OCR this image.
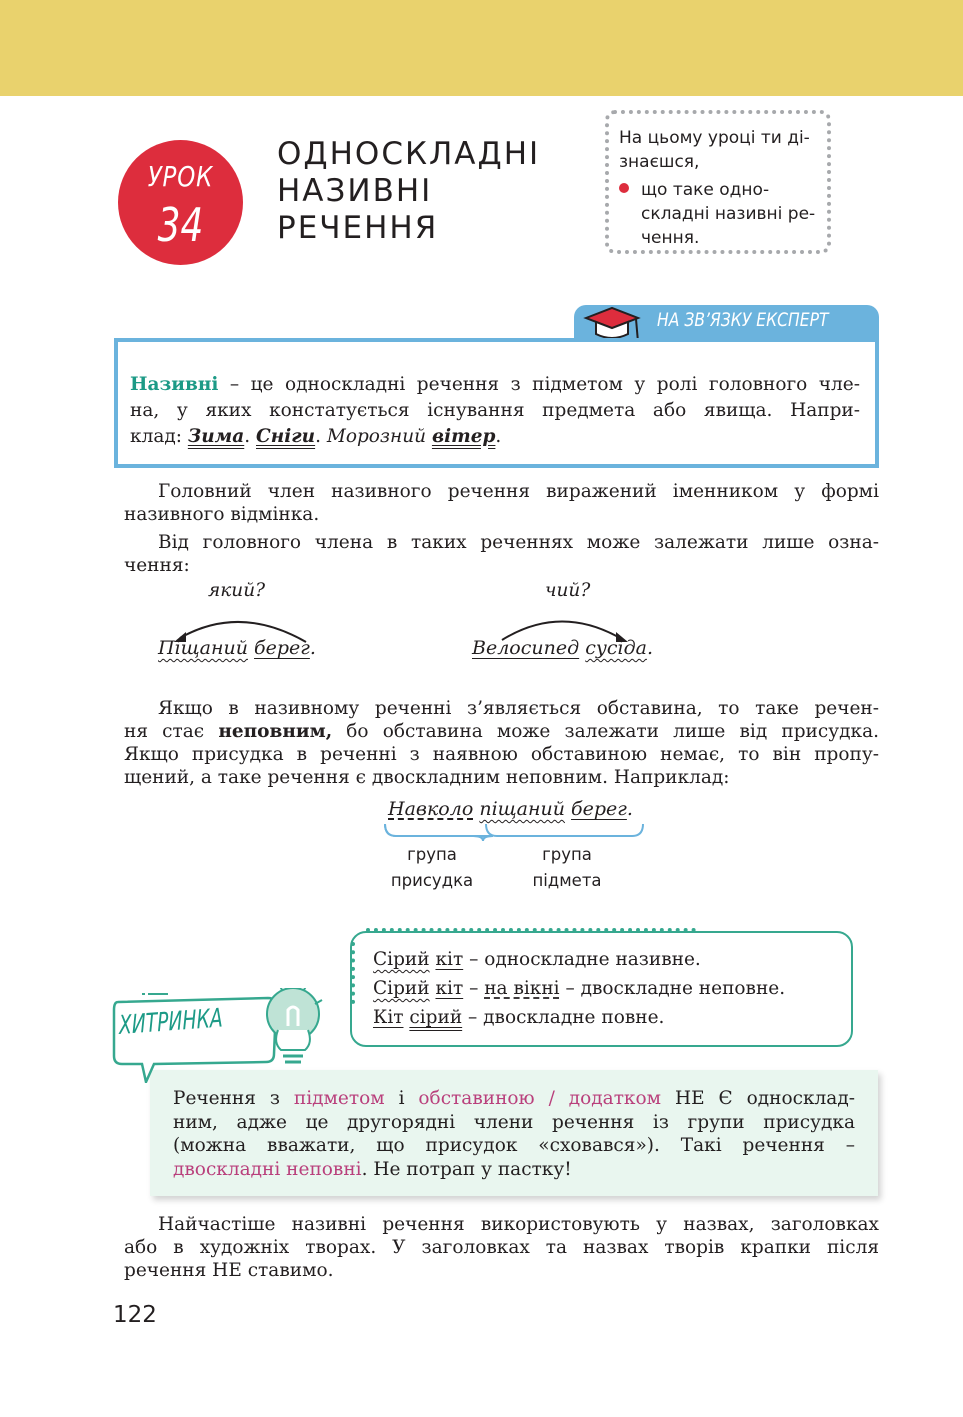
УРОК
34
ОДНОСКЛАДНІ
НАЗИВНІ
РЕЧЕННЯ
На цьому уроці ти ді-
знаєшся,
що таке одно-
складні називні ре-
чення.
НА ЗВ’ЯЗКУ ЕКСПЕРТ
Називні – це односкладні речення з підметом у ролі головного чле-
на, у яких констатується існування предмета або явища. Напри-
клад: Зима. Сніги. Морозний вітер.
Головний член називного речення виражений іменником у формі
називного відмінка.
Від головного члена в таких реченнях може залежати лише озна-
чення:
який?
Піщаний берег.
чий?
Велосипед сусіда.
Якщо в називному реченні з’являється обставина, то таке речен-
ня стає неповним, бо обставина може залежати лише від присудка.
Якщо присудка в реченні з наявною обставиною немає, то він пропу-
щений, а таке речення є двоскладним неповним. Наприклад:
Навколо піщаний берег.
група
присудка
група
підмета
Сірий кіт – односкладне називне.
Сірий кіт – на вікні – двоскладне неповне.
Кіт сірий – двоскладне повне.
Речення з підметом і обставиною / додатком НЕ Є односклад-
ним, адже це другорядні члени речення із групи присудка
(можна вважати, що присудок «сховався»). Такі речення –
двоскладні неповні. Не потрап у пастку!
ХИТРИНКА
Найчастіше називні речення використовують у назвах, заголовках
або в художніх творах. У заголовках та назвах творів крапки після
речення НЕ ставимо.
122
